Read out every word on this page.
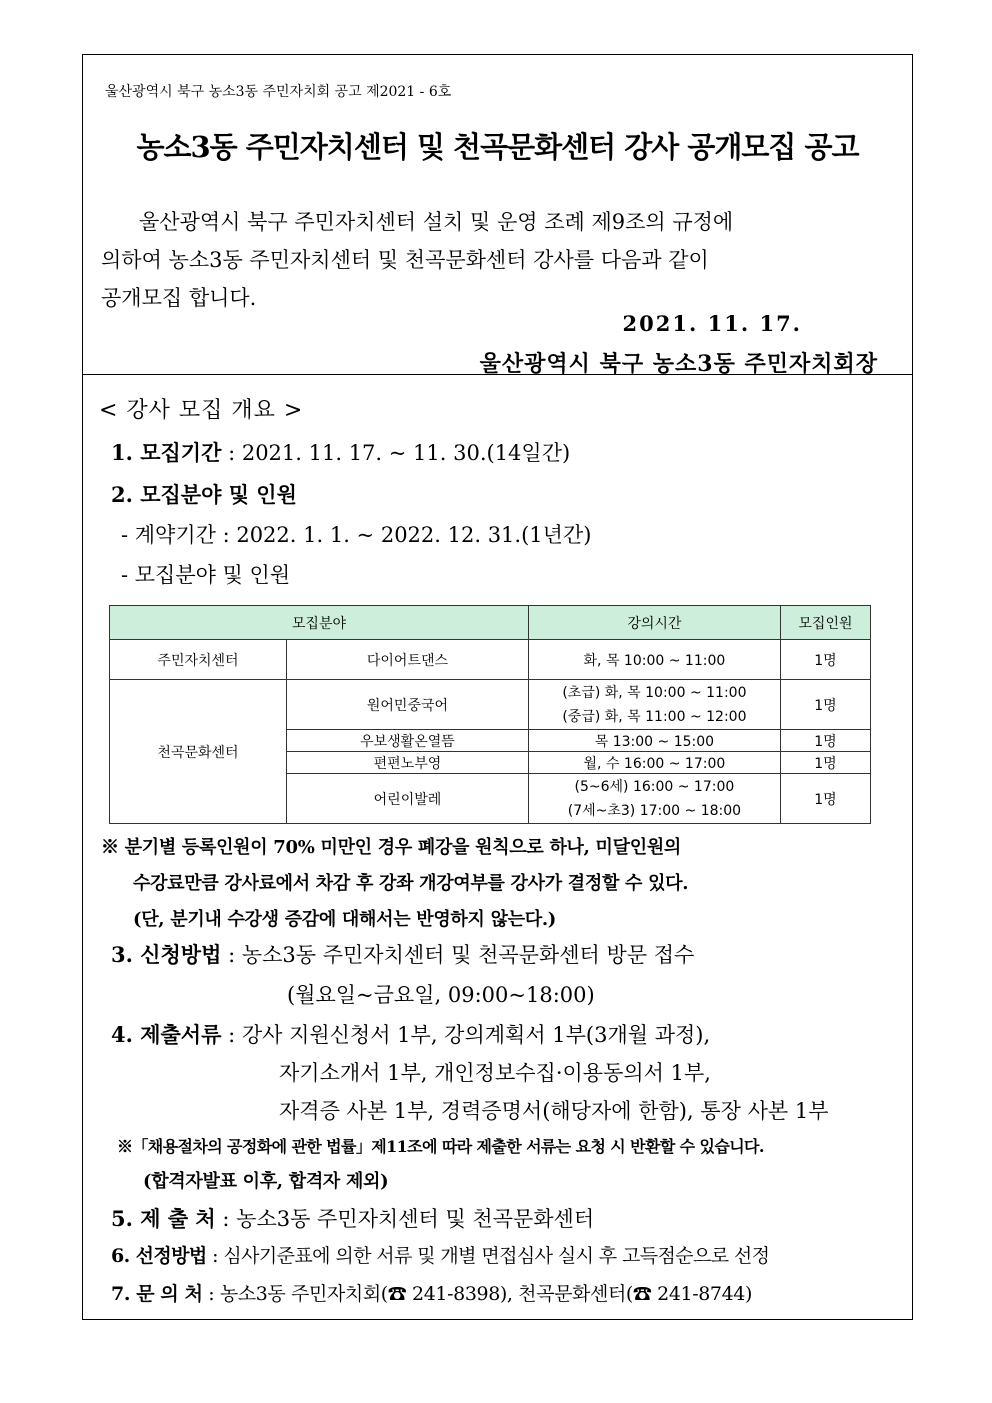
울산광역시 북구 농소3동 주민자치회 공고 제2021 - 6호
농소3동 주민자치센터 및 천곡문화센터 강사 공개모집 공고
울산광역시 북구 주민자치센터 설치 및 운영 조례 제9조의 규정에
의하여 농소3동 주민자치센터 및 천곡문화센터 강사를 다음과 같이
공개모집 합니다.
2021. 11. 17.
울산광역시 북구 농소3동 주민자치회장
< 강사 모집 개요 >
1. 모집기간 : 2021. 11. 17. ~ 11. 30.(14일간)
2. 모집분야 및 인원
- 계약기간 : 2022. 1. 1. ~ 2022. 12. 31.(1년간)
- 모집분야 및 인원
모집분야		강의시간	모집인원
주민자치센터	다이어트댄스	화, 목 10:00 ~ 11:00	1명
천곡문화센터	원어민중국어	(초급) 화, 목 10:00 ~ 11:00
(중급) 화, 목 11:00 ~ 12:00	1명
	우보생활온열뜸	목 13:00 ~ 15:00	1명
	편편노부영	월, 수 16:00 ~ 17:00	1명
	어린이발레	(5~6세) 16:00 ~ 17:00
(7세~초3) 17:00 ~ 18:00	1명
※ 분기별 등록인원이 70% 미만인 경우 폐강을 원칙으로 하나, 미달인원의
수강료만큼 강사료에서 차감 후 강좌 개강여부를 강사가 결정할 수 있다.
(단, 분기내 수강생 증감에 대해서는 반영하지 않는다.)
3. 신청방법 : 농소3동 주민자치센터 및 천곡문화센터 방문 접수
(월요일~금요일, 09:00~18:00)
4. 제출서류 : 강사 지원신청서 1부, 강의계획서 1부(3개월 과정),
자기소개서 1부, 개인정보수집·이용동의서 1부,
자격증 사본 1부, 경력증명서(해당자에 한함), 통장 사본 1부
※「채용절차의 공정화에 관한 법률」제11조에 따라 제출한 서류는 요청 시 반환할 수 있습니다.
(합격자발표 이후, 합격자 제외)
5. 제 출 처 : 농소3동 주민자치센터 및 천곡문화센터
6. 선정방법 : 심사기준표에 의한 서류 및 개별 면접심사 실시 후 고득점순으로 선정
7. 문 의 처 : 농소3동 주민자치회(☎ 241-8398), 천곡문화센터(☎ 241-8744)
